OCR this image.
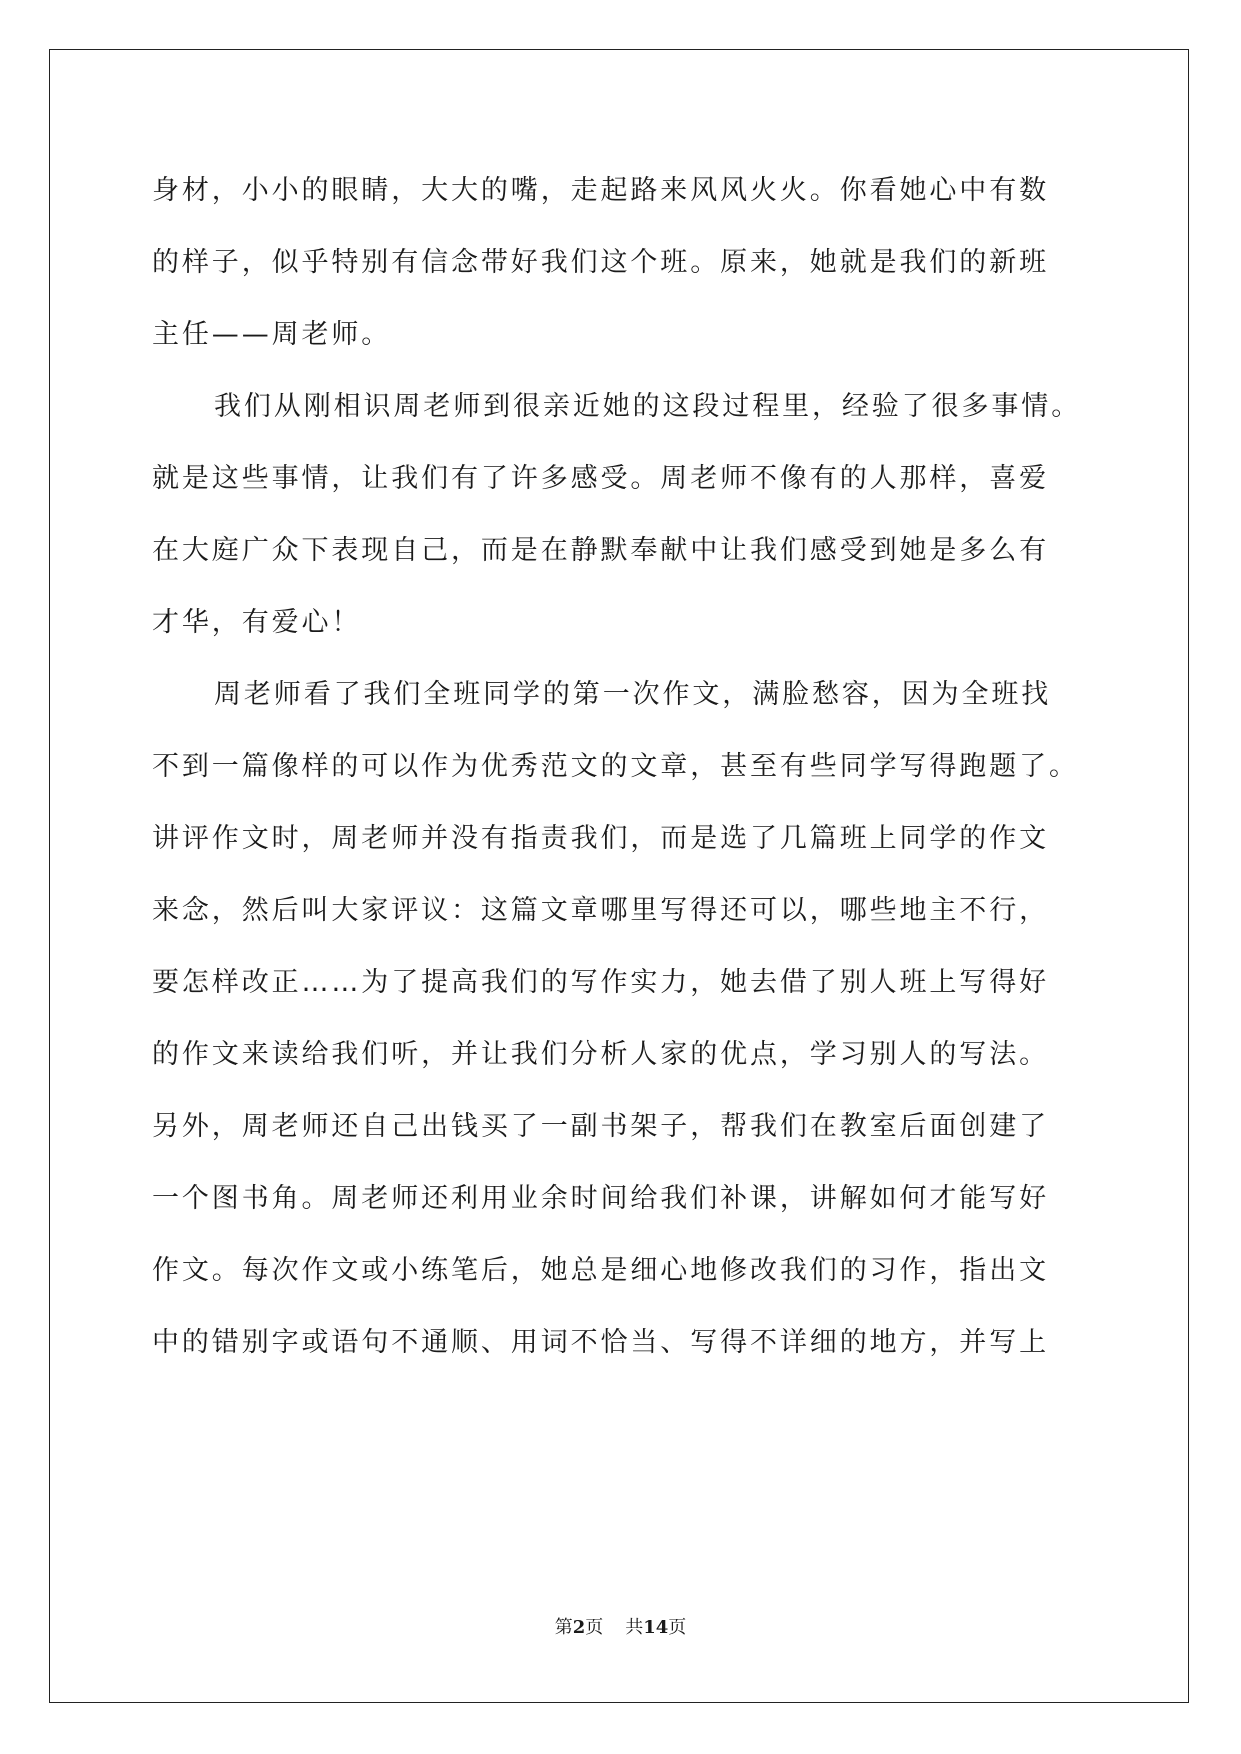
身材，小小的眼睛，大大的嘴，走起路来风风火火。你看她心中有数
的样子，似乎特别有信念带好我们这个班。原来，她就是我们的新班
主任——周老师。
我们从刚相识周老师到很亲近她的这段过程里，经验了很多事情。
就是这些事情，让我们有了许多感受。周老师不像有的人那样，喜爱
在大庭广众下表现自己，而是在静默奉献中让我们感受到她是多么有
才华，有爱心！
周老师看了我们全班同学的第一次作文，满脸愁容，因为全班找
不到一篇像样的可以作为优秀范文的文章，甚至有些同学写得跑题了。
讲评作文时，周老师并没有指责我们，而是选了几篇班上同学的作文
来念，然后叫大家评议：这篇文章哪里写得还可以，哪些地主不行，
要怎样改正……为了提高我们的写作实力，她去借了别人班上写得好
的作文来读给我们听，并让我们分析人家的优点，学习别人的写法。
另外，周老师还自己出钱买了一副书架子，帮我们在教室后面创建了
一个图书角。周老师还利用业余时间给我们补课，讲解如何才能写好
作文。每次作文或小练笔后，她总是细心地修改我们的习作，指出文
中的错别字或语句不通顺、用词不恰当、写得不详细的地方，并写上
第2页 共14页
